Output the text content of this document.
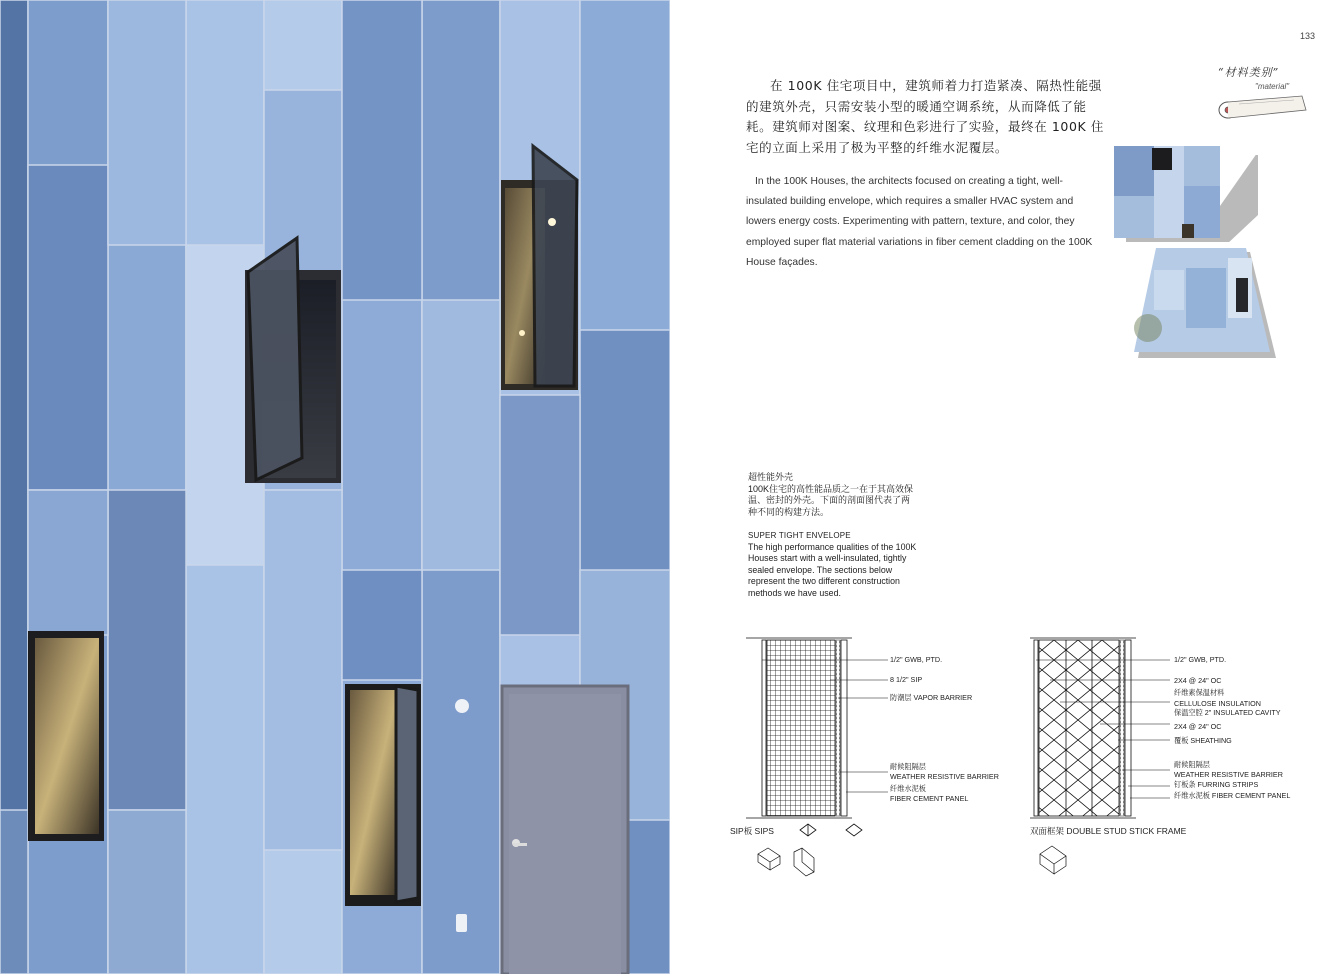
133
在 100K 住宅项目中，建筑师着力打造紧凑、隔热性能强的建筑外壳，只需安装小型的暖通空调系统，从而降低了能耗。建筑师对图案、纹理和色彩进行了实验，最终在 100K 住宅的立面上采用了极为平整的纤维水泥覆层。
In the 100K Houses, the architects focused on creating a tight, well-insulated building envelope, which requires a smaller HVAC system and lowers energy costs. Experimenting with pattern, texture, and color, they employed super flat material variations in fiber cement cladding on the 100K House façades.
“材料类别”
"material"
超性能外壳
100K住宅的高性能品质之一在于其高效保温、密封的外壳。下面的剖面图代表了两种不同的构建方法。
SUPER TIGHT ENVELOPE
The high performance qualities of the 100K Houses start with a well-insulated, tightly sealed envelope. The sections below represent the two different construction methods we have used.
1/2" GWB, PTD.
8 1/2" SIP
防潮层 VAPOR BARRIER
耐候阻隔层
WEATHER RESISTIVE BARRIER
纤维水泥板
FIBER CEMENT PANEL
SIP板 SIPS
1/2" GWB, PTD.
2X4 @ 24" OC
纤维素保温材料
CELLULOSE INSULATION
保温空腔 2" INSULATED CAVITY
2X4 @ 24" OC
覆板 SHEATHING
耐候阻隔层
WEATHER RESISTIVE BARRIER
钉板条 FURRING STRIPS
纤维水泥板 FIBER CEMENT PANEL
双面框架 DOUBLE STUD STICK FRAME
